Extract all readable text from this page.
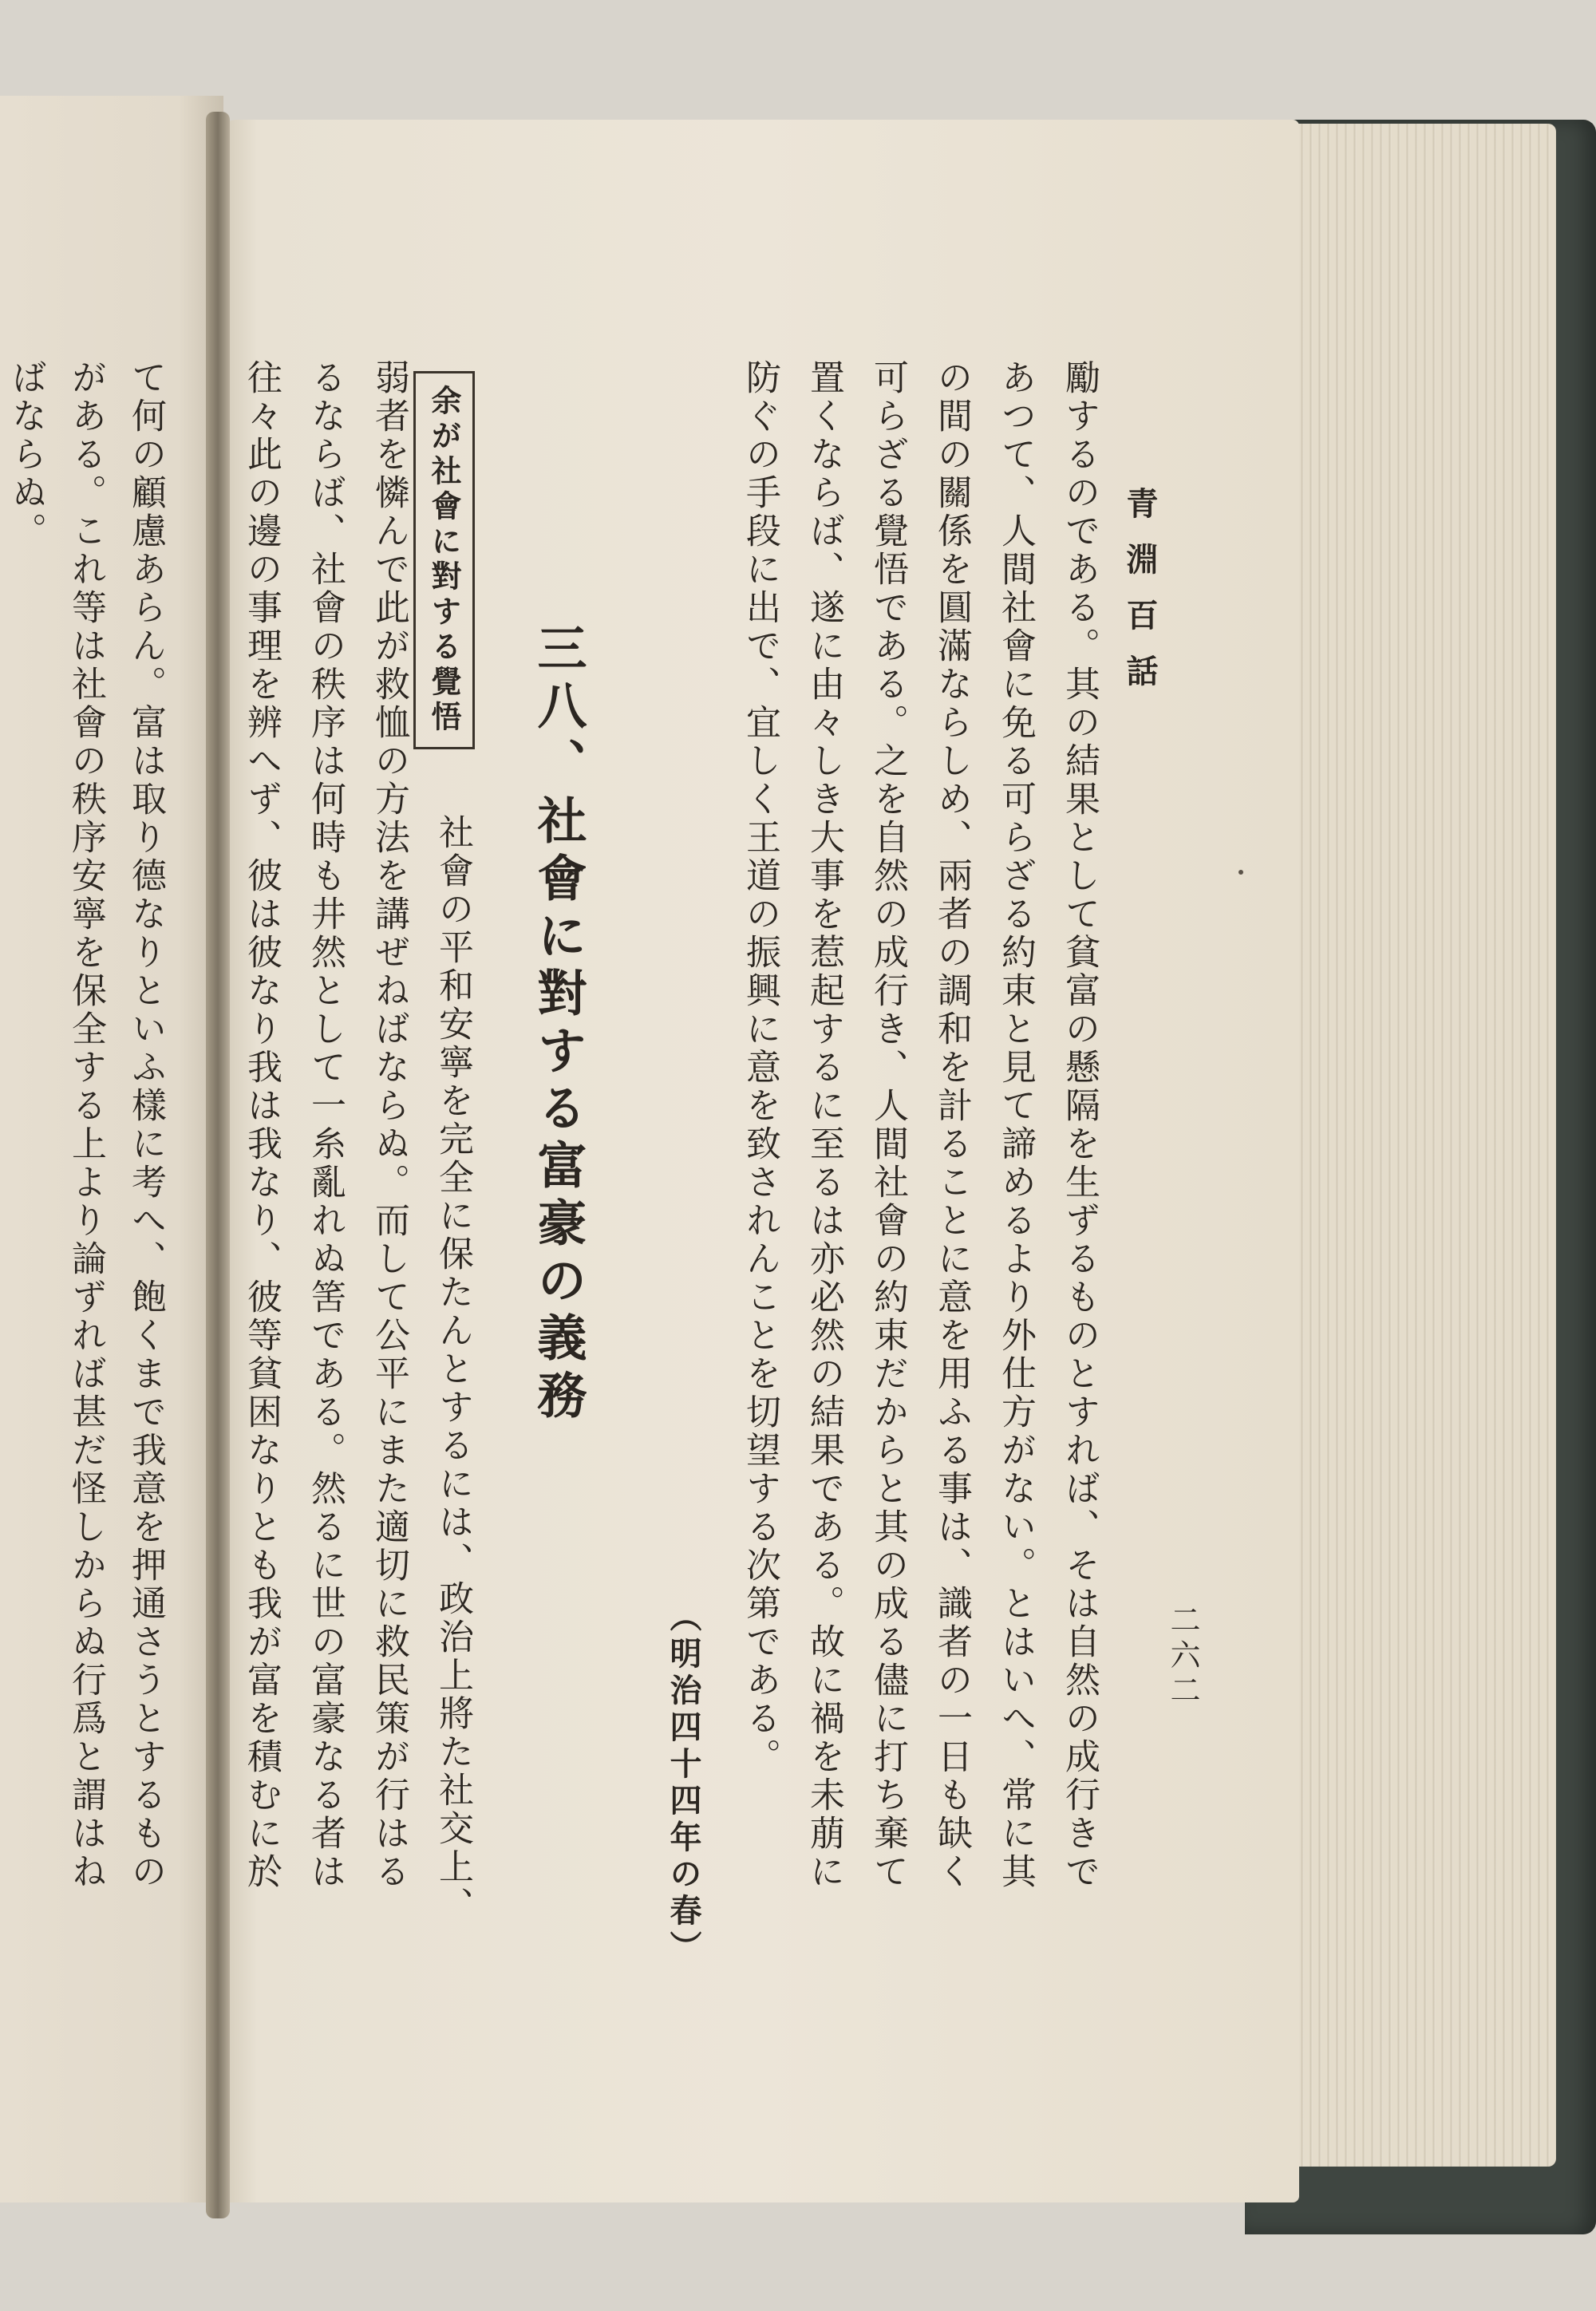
青淵百話
二六二
勵するのである。其の結果として貧富の懸隔を生ずるものとすれば、そは自然の成行きで
あつて、人間社會に免る可らざる約束と見て諦めるより外仕方がない。とはいへ、常に其
の間の關係を圓滿ならしめ、兩者の調和を計ることに意を用ふる事は、識者の一日も缺く
可らざる覺悟である。之を自然の成行き、人間社會の約束だからと其の成る儘に打ち棄て
置くならば、遂に由々しき大事を惹起するに至るは亦必然の結果である。故に禍を未萠に
防ぐの手段に出で、宜しく王道の振興に意を致されんことを切望する次第である。
（明治四十四年の春）
三八、社會に對する富豪の義務
余が社會に對する覺悟
社會の平和安寧を完全に保たんとするには、政治上將た社交上、
弱者を憐んで此が救恤の方法を講ぜねばならぬ。而して公平にまた適切に救民策が行はる
るならば、社會の秩序は何時も井然として一糸亂れぬ筈である。然るに世の富豪なる者は
往々此の邊の事理を辨へず、彼は彼なり我は我なり、彼等貧困なりとも我が富を積むに於
て何の顧慮あらん。富は取り德なりといふ樣に考へ、飽くまで我意を押通さうとするもの
がある。これ等は社會の秩序安寧を保全する上より論ずれば甚だ怪しからぬ行爲と謂はね
ばならぬ。
